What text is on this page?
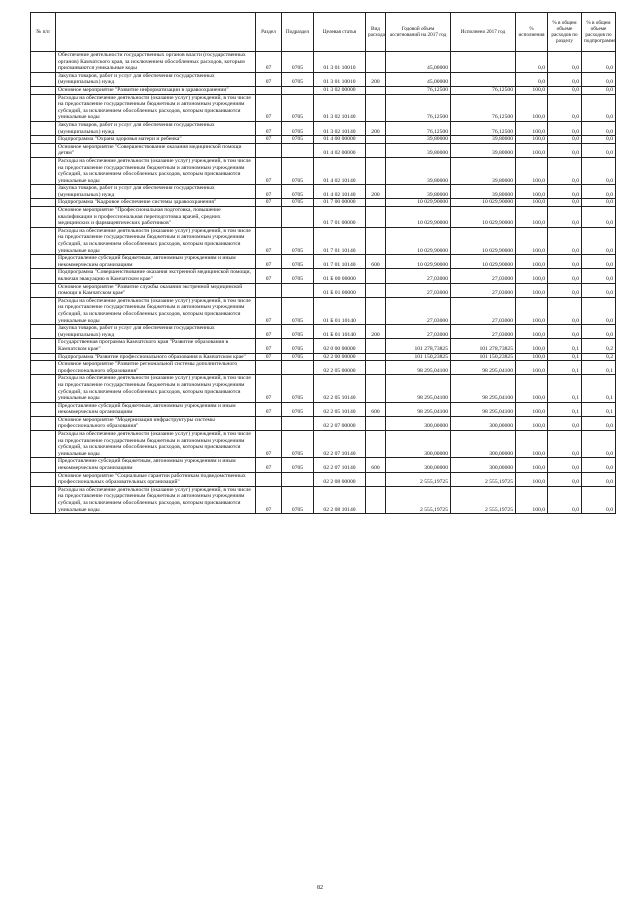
№ п/п		Раздел	Подраздел	Целевая статья	Вид расхода	Годовой объем ассигнований на 2017 год	Исполнено 2017 год	% исполнения	% в общем объеме расходов по разделу	% в общем объеме расходов по подпрограмме
	Обеспечение деятельности государственных органов власти (государственных органов) Камчатского края, за исключением обособленных расходов, которым присваиваются уникальные коды	07	0705	01 3 01 10010		45,00000		0,0	0,0	0,0
	Закупка товаров, работ и услуг для обеспечения государственных (муниципальных) нужд	07	0705	01 3 01 10010	200	45,00000		0,0	0,0	0,0
	Основное мероприятие "Развитие информатизации в здравоохранении"			01 3 02 00000		76,12500	76,12500	100,0	0,0	0,0
	Расходы на обеспечение деятельности (оказание услуг) учреждений, в том числе на предоставление государственным бюджетным и автономным учреждениям субсидий, за исключением обособленных расходов, которым присваиваются уникальные коды	07	0705	01 3 02 10140		76,12500	76,12500	100,0	0,0	0,0
	Закупка товаров, работ и услуг для обеспечения государственных (муниципальных) нужд	07	0705	01 3 02 10140	200	76,12500	76,12500	100,0	0,0	0,0
	Подпрограмма "Охрана здоровья матери и ребенка"	07	0705	01 4 00 00000		39,80000	39,80000	100,0	0,0	0,0
	Основное мероприятие "Совершенствование оказания медицинской помощи детям"			01 4 02 00000		39,80000	39,80000	100,0	0,0	0,0
	Расходы на обеспечение деятельности (оказание услуг) учреждений, в том числе на предоставление государственным бюджетным и автономным учреждениям субсидий, за исключением обособленных расходов, которым присваиваются уникальные коды	07	0705	01 4 02 10140		39,80000	39,80000	100,0	0,0	0,0
	Закупка товаров, работ и услуг для обеспечения государственных (муниципальных) нужд	07	0705	01 4 02 10140	200	39,80000	39,80000	100,0	0,0	0,0
	Подпрограмма "Кадровое обеспечение системы здравоохранения"	07	0705	01 7 00 00000		10 029,90000	10 029,90000	100,0	0,0	0,0
	Основное мероприятие "Профессиональная подготовка, повышение квалификации и профессиональная переподготовка врачей, средних медицинских и фармацевтических работников"			01 7 01 00000		10 029,90000	10 029,90000	100,0	0,0	0,0
	Расходы на обеспечение деятельности (оказание услуг) учреждений, в том числе на предоставление государственным бюджетным и автономным учреждениям субсидий, за исключением обособленных расходов, которым присваиваются уникальные коды	07	0705	01 7 01 10140		10 029,90000	10 029,90000	100,0	0,0	0,0
	Предоставление субсидий бюджетным, автономным учреждениям и иным некоммерческим организациям	07	0705	01 7 01 10140	600	10 029,90000	10 029,90000	100,0	0,0	0,0
	Подпрограмма "Совершенствование оказания экстренной медицинской помощи, включая эвакуацию в Камчатском крае"	07	0705	01 Б 00 00000		27,03000	27,03000	100,0	0,0	0,0
	Основное мероприятие "Развитие службы оказания экстренной медицинской помощи в Камчатском крае"			01 Б 01 00000		27,03000	27,03000	100,0	0,0	0,0
	Расходы на обеспечение деятельности (оказание услуг) учреждений, в том числе на предоставление государственным бюджетным и автономным учреждениям субсидий, за исключением обособленных расходов, которым присваиваются уникальные коды	07	0705	01 Б 01 10140		27,03000	27,03000	100,0	0,0	0,0
	Закупка товаров, работ и услуг для обеспечения государственных (муниципальных) нужд	07	0705	01 Б 01 10140	200	27,03000	27,03000	100,0	0,0	0,0
	Государственная программа Камчатского края "Развитие образования в Камчатском крае"	07	0705	02 0 00 00000		101 278,73825	101 278,73825	100,0	0,1	0,2
	Подпрограмма "Развитие профессионального образования в Камчатском крае"	07	0705	02 2 00 00000		101 150,23825	101 150,23825	100,0	0,1	0,2
	Основное мероприятие "Развитие региональной системы дополнительного профессионального образования"			02 2 05 00000		98 295,04100	98 295,04100	100,0	0,1	0,1
	Расходы на обеспечение деятельности (оказание услуг) учреждений, в том числе на предоставление государственным бюджетным и автономным учреждениям субсидий, за исключением обособленных расходов, которым присваиваются уникальные коды	07	0705	02 2 05 10140		98 295,04100	98 295,04100	100,0	0,1	0,1
	Предоставление субсидий бюджетным, автономным учреждениям и иным некоммерческим организациям	07	0705	02 2 05 10140	600	98 295,04100	98 295,04100	100,0	0,1	0,1
	Основное мероприятие "Модернизация инфраструктуры системы профессионального образования"			02 2 07 00000		300,00000	300,00000	100,0	0,0	0,0
	Расходы на обеспечение деятельности (оказание услуг) учреждений, в том числе на предоставление государственным бюджетным и автономным учреждениям субсидий, за исключением обособленных расходов, которым присваиваются уникальные коды	07	0705	02 2 07 10140		300,00000	300,00000	100,0	0,0	0,0
	Предоставление субсидий бюджетным, автономным учреждениям и иным некоммерческим организациям	07	0705	02 2 07 10140	600	300,00000	300,00000	100,0	0,0	0,0
	Основное мероприятие "Социальные гарантии работникам подведомственных профессиональных образовательных организаций"			02 2 08 00000		2 555,19725	2 555,19725	100,0	0,0	0,0
	Расходы на обеспечение деятельности (оказание услуг) учреждений, в том числе на предоставление государственным бюджетным и автономным учреждениям субсидий, за исключением обособленных расходов, которым присваиваются уникальные коды	07	0705	02 2 08 10140		2 555,19725	2 555,19725	100,0	0,0	0,0
82
